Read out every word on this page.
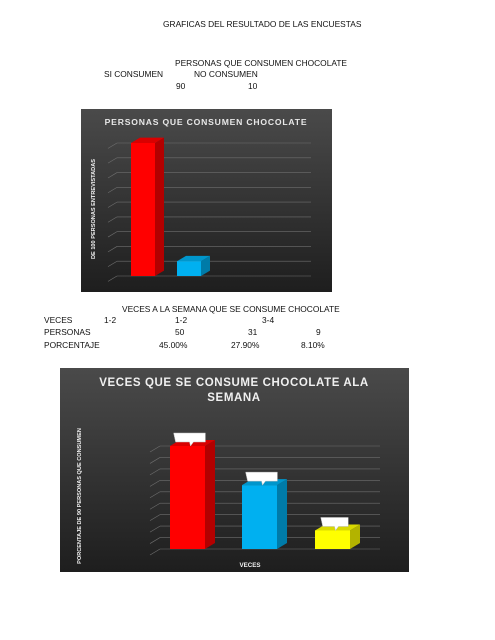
GRAFICAS DEL RESULTADO DE LAS ENCUESTAS
PERSONAS QUE CONSUMEN CHOCOLATE
SI CONSUMEN	NO CONSUMEN
90	10
PERSONAS QUE CONSUMEN CHOCOLATE
DE 100 PERSONAS ENTREVISTADAS
VECES A LA SEMANA QUE SE CONSUME CHOCOLATE
VECES	1-2	1-2	3-4
PERSONAS	50	31	9
PORCENTAJE	45.00%	27.90%	8.10%
VECES QUE SE CONSUME CHOCOLATE ALA
SEMANA
PORCENTAJE DE 90 PERSONAS QUE CONSUMEN
VECES
